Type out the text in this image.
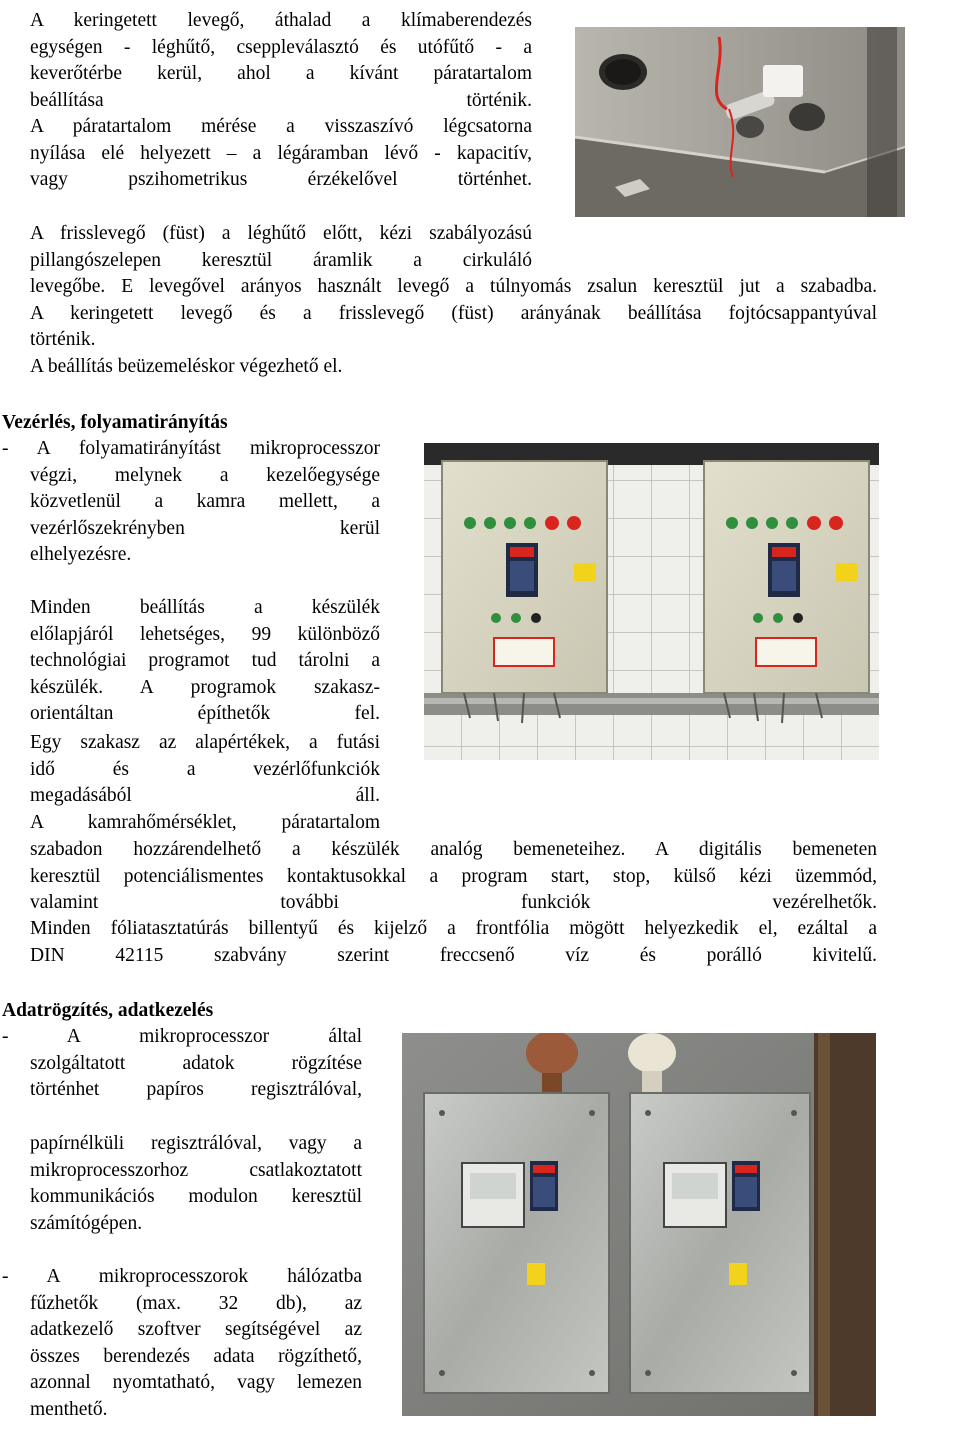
A keringetett levegő, áthalad a klímaberendezés
egységen - léghűtő, cseppleválasztó és utófűtő - a
keverőtérbe kerül, ahol a kívánt páratartalom
beállítása történik.
A páratartalom mérése a visszaszívó légcsatorna
nyílása elé helyezett – a légáramban lévő - kapacitív,
vagy pszihometrikus érzékelővel történhet.
A frisslevegő (füst) a léghűtő előtt, kézi szabályozású
pillangószelepen keresztül áramlik a cirkuláló
levegőbe. E levegővel arányos használt levegő a túlnyomás zsalun keresztül jut a szabadba.
A keringetett levegő és a frisslevegő (füst) arányának beállítása fojtócsappantyúval
történik.
A beállítás beüzemeléskor végezhető el.
Vezérlés, folyamatirányítás
- A folyamatirányítást mikroprocesszor
végzi, melynek a kezelőegysége
közvetlenül a kamra mellett, a
vezérlőszekrényben kerül
elhelyezésre.
Minden beállítás a készülék
előlapjáról lehetséges, 99 különböző
technológiai programot tud tárolni a
készülék. A programok szakasz-
orientáltan építhetők fel.
Egy szakasz az alapértékek, a futási
idő és a vezérlőfunkciók
megadásából áll.
A kamrahőmérséklet, páratartalom
szabadon hozzárendelhető a készülék analóg bemeneteihez. A digitális bemeneten
keresztül potenciálismentes kontaktusokkal a program start, stop, külső kézi üzemmód,
valamint további funkciók vezérelhetők.
Minden fóliatasztatúrás billentyű és kijelző a frontfólia mögött helyezkedik el, ezáltal a
DIN 42115 szabvány szerint freccsenő víz és porálló kivitelű.
Adatrögzítés, adatkezelés
- A mikroprocesszor által
szolgáltatott adatok rögzítése
történhet papíros regisztrálóval,
papírnélküli regisztrálóval, vagy a
mikroprocesszorhoz csatlakoztatott
kommunikációs modulon keresztül
számítógépen.
- A mikroprocesszorok hálózatba
fűzhetők (max. 32 db), az
adatkezelő szoftver segítségével az
összes berendezés adata rögzíthető,
azonnal nyomtatható, vagy lemezen
menthető.
